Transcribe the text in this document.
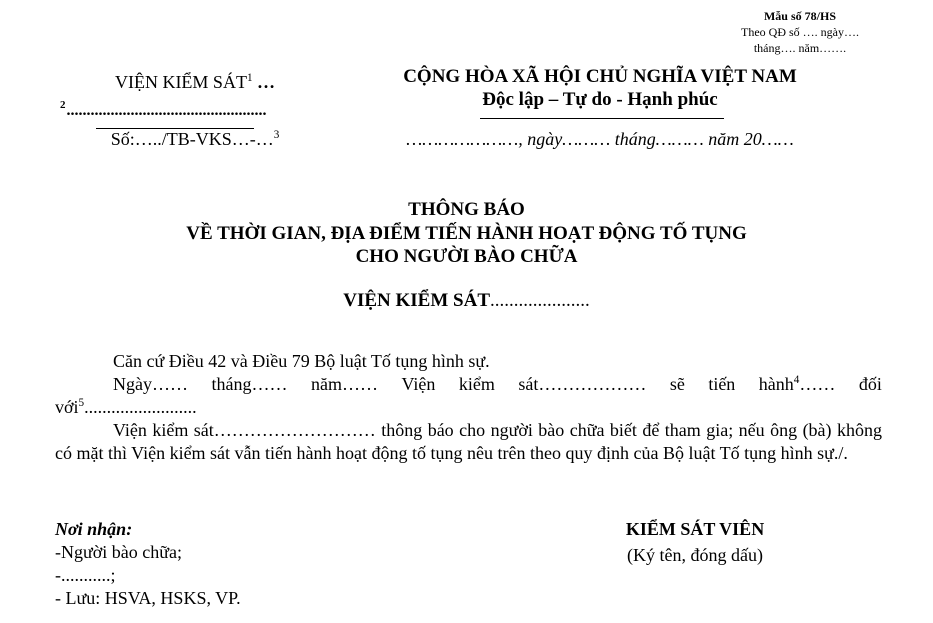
Mẫu số 78/HS
Theo QĐ số …. ngày….
tháng…. năm…….
VIỆN KIỂM SÁT$^1$ …
$^2$..................................................
Số:…../TB-VKS…-…$^3$
CỘNG HÒA XÃ HỘI CHỦ NGHĨA VIỆT NAM
Độc lập – Tự do - Hạnh phúc
…………………, ngày……… tháng……… năm 20……
THÔNG BÁO
VỀ THỜI GIAN, ĐỊA ĐIỂM TIẾN HÀNH HOẠT ĐỘNG TỐ TỤNG
CHO NGƯỜI BÀO CHỮA
VIỆN KIỂM SÁT.....................
Căn cứ Điều 42 và Điều 79 Bộ luật Tố tụng hình sự.
Ngày…… tháng…… năm…… Viện kiểm sát……………… sẽ tiến hành$^4$…… đối
với$^5$.........................
Viện kiểm sát……………………… thông báo cho người bào chữa biết để tham gia; nếu ông (bà) không có mặt thì Viện kiểm sát vẫn tiến hành hoạt động tố tụng nêu trên theo quy định của Bộ luật Tố tụng hình sự./.
Nơi nhận:
-Người bào chữa;
-...........;
- Lưu: HSVA, HSKS, VP.
KIỂM SÁT VIÊN
(Ký tên, đóng dấu)
